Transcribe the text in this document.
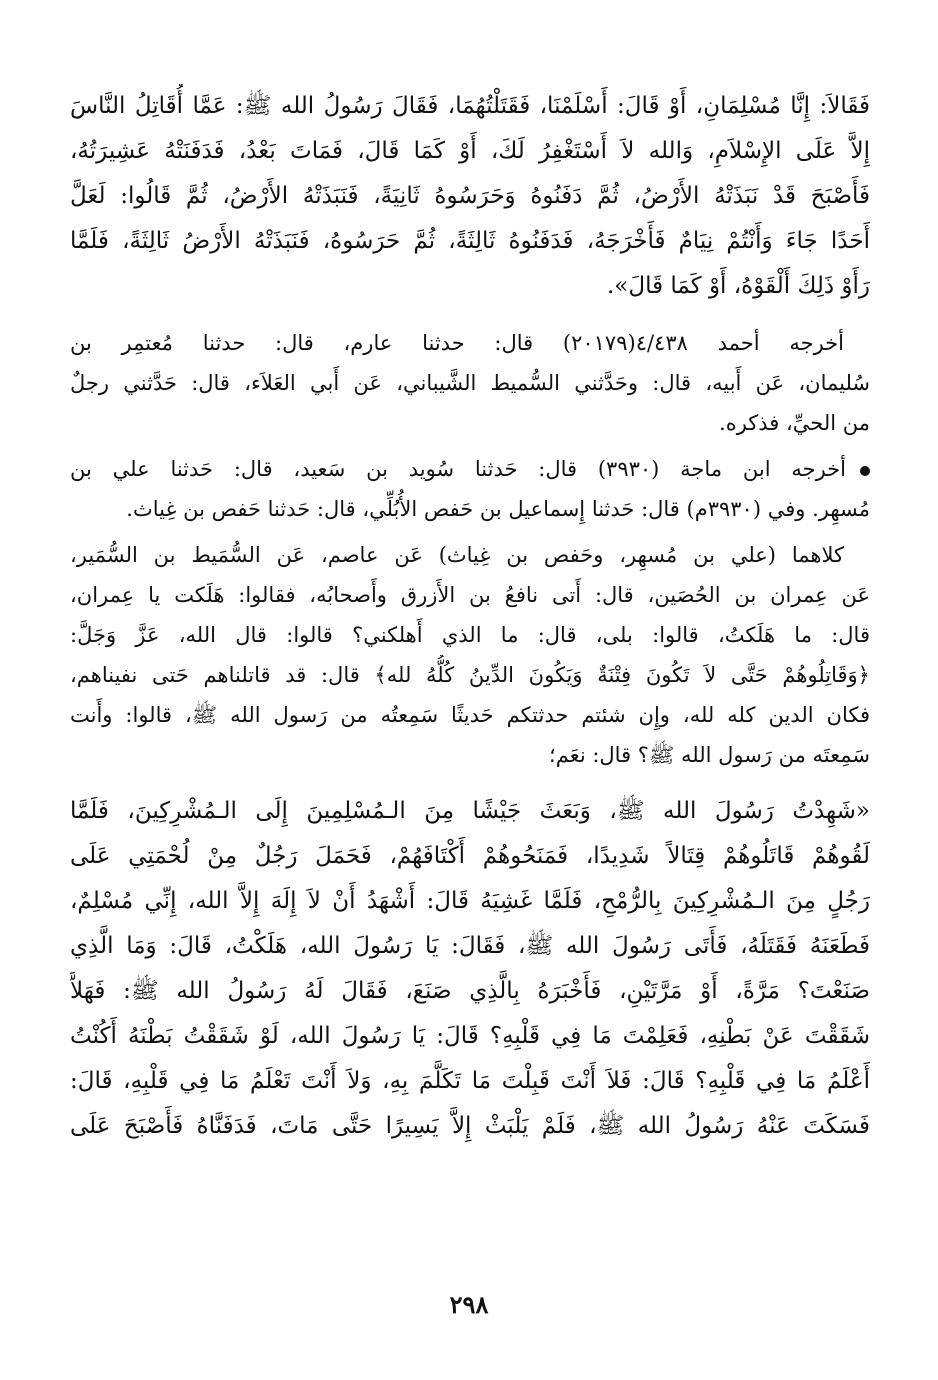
فَقَالاَ: إِنَّا مُسْلِمَانِ، أَوْ قَالَ: أَسْلَمْنَا، فَقَتَلْتُهُمَا، فَقَالَ رَسُولُ الله ﷺ: عَمَّا أُقَاتِلُ النَّاسَ
إِلاَّ عَلَى الإِسْلاَمِ، وَالله لاَ أَسْتَغْفِرُ لَكَ، أَوْ كَمَا قَالَ، فَمَاتَ بَعْدُ، فَدَفَنَتْهُ عَشِيرَتُهُ،
فَأَصْبَحَ قَدْ نَبَذَتْهُ الأَرْضُ، ثُمَّ دَفَنُوهُ وَحَرَسُوهُ ثَانِيَةً، فَنَبَذَتْهُ الأَرْضُ، ثُمَّ قَالُوا: لَعَلَّ
أَحَدًا جَاءَ وَأَنْتُمْ نِيَامٌ فَأَخْرَجَهُ، فَدَفَنُوهُ ثَالِثَةً، ثُمَّ حَرَسُوهُ، فَنَبَذَتْهُ الأَرْضُ ثَالِثَةً، فَلَمَّا
رَأَوْ ذَلِكَ أَلْقَوْهُ، أَوْ كَمَا قَالَ».
أخرجه أحمد ٤/٤٣٨(٢٠١٧٩) قال: حدثنا عارم، قال: حدثنا مُعتمِر بن
سُليمان، عَن أَبيه، قال: وحَدَّثني السُّميط الشَّيباني، عَن أَبي العَلاَء، قال: حَدَّثني رجلٌ
من الحيِّ، فذكره.
أخرجه ابن ماجة (٣٩٣٠) قال: حَدثنا سُويد بن سَعيد، قال: حَدثنا علي بن
مُسهِر. وفي (٣٩٣٠م) قال: حَدثنا إِسماعيل بن حَفص الأُبُلِّي، قال: حَدثنا حَفص بن غِياث.
كلاهما (علي بن مُسهِر، وحَفص بن غِياث) عَن عاصم، عَن السُّمَيط بن السُّمَير،
عَن عِمران بن الحُصَين، قال: أَتى نافعُ بن الأَزرق وأَصحابُه، فقالوا: هَلَكت يا عِمران،
قال: ما هَلَكتُ، قالوا: بلى، قال: ما الذي أَهلكني؟ قالوا: قال الله، عَزَّ وَجَلَّ:
﴿وَقَاتِلُوهُمْ حَتَّى لاَ تَكُونَ فِتْنَةٌ وَيَكُونَ الدِّينُ كُلُّهُ لله﴾ قال: قد قاتلناهم حَتى نفيناهم،
فكان الدين كله لله، وإِن شئتم حدثتكم حَديثًا سَمِعتُه من رَسول الله ﷺ، قالوا: وأَنت
سَمِعتَه من رَسول الله ﷺ؟ قال: نعَم؛
«شَهِدْتُ رَسُولَ الله ﷺ، وَبَعَثَ جَيْشًا مِنَ الـمُسْلِمِينَ إِلَى الـمُشْرِكِينَ، فَلَمَّا
لَقُوهُمْ قَاتَلُوهُمْ قِتَالاً شَدِيدًا، فَمَنَحُوهُمْ أَكْتَافَهُمْ، فَحَمَلَ رَجُلٌ مِنْ لُحْمَتِي عَلَى
رَجُلٍ مِنَ الـمُشْرِكِينَ بِالرُّمْحِ، فَلَمَّا غَشِيَهُ قَالَ: أَشْهَدُ أَنْ لاَ إِلَهَ إِلاَّ الله، إِنِّي مُسْلِمٌ،
فَطَعَنَهُ فَقَتَلَهُ، فَأَتَى رَسُولَ الله ﷺ، فَقَالَ: يَا رَسُولَ الله، هَلَكْتُ، قَالَ: وَمَا الَّذِي
صَنَعْتَ؟ مَرَّةً، أَوْ مَرَّتَيْنِ، فَأَخْبَرَهُ بِالَّذِي صَنَعَ، فَقَالَ لَهُ رَسُولُ الله ﷺ: فَهَلاَّ
شَقَقْتَ عَنْ بَطْنِهِ، فَعَلِمْتَ مَا فِي قَلْبِهِ؟ قَالَ: يَا رَسُولَ الله، لَوْ شَقَقْتُ بَطْنَهُ أَكُنْتُ
أَعْلَمُ مَا فِي قَلْبِهِ؟ قَالَ: فَلاَ أَنْتَ قَبِلْتَ مَا تَكَلَّمَ بِهِ، وَلاَ أَنْتَ تَعْلَمُ مَا فِي قَلْبِهِ، قَالَ:
فَسَكَتَ عَنْهُ رَسُولُ الله ﷺ، فَلَمْ يَلْبَثْ إِلاَّ يَسِيرًا حَتَّى مَاتَ، فَدَفَنَّاهُ فَأَصْبَحَ عَلَى
٢٩٨
